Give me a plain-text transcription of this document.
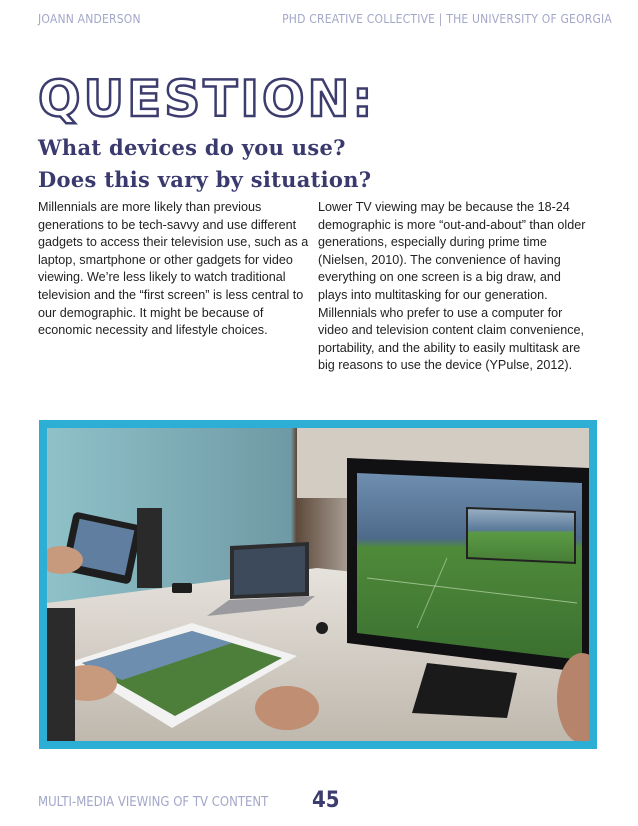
JOANN ANDERSON	PHD CREATIVE COLLECTIVE | THE UNIVERSITY OF GEORGIA
QUESTION:
What devices do you use?
Does this vary by situation?
Millennials are more likely than previous generations to be tech-savvy and use different gadgets to access their television use, such as a laptop, smartphone or other gadgets for video viewing. We’re less likely to watch traditional television and the “first screen” is less central to our demographic. It might be because of economic necessity and lifestyle choices.
Lower TV viewing may be because the 18-24 demographic is more “out-and-about” than older generations, especially during prime time (Nielsen, 2010). The convenience of having everything on one screen is a big draw, and plays into multitasking for our generation. Millennials who prefer to use a computer for video and television content claim convenience, portability, and the ability to easily multitask are big reasons to use the device (YPulse, 2012).
MULTI-MEDIA VIEWING OF TV CONTENT 45
